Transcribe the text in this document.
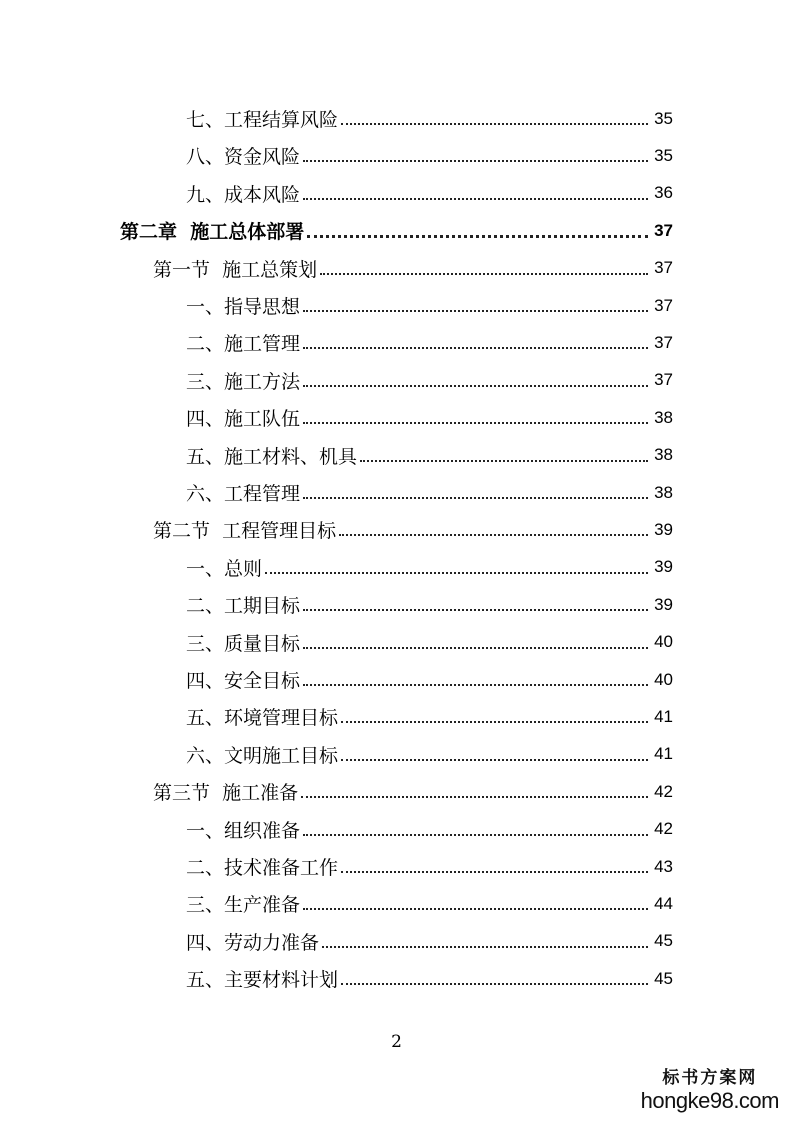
七、工程结算风险	35
八、资金风险	35
九、成本风险	36
第二章  施工总体部署	37
第一节  施工总策划	37
一、指导思想	37
二、施工管理	37
三、施工方法	37
四、施工队伍	38
五、施工材料、机具	38
六、工程管理	38
第二节  工程管理目标	39
一、总则	39
二、工期目标	39
三、质量目标	40
四、安全目标	40
五、环境管理目标	41
六、文明施工目标	41
第三节  施工准备	42
一、组织准备	42
二、技术准备工作	43
三、生产准备	44
四、劳动力准备	45
五、主要材料计划	45
2
标书方案网
hongke98.com
